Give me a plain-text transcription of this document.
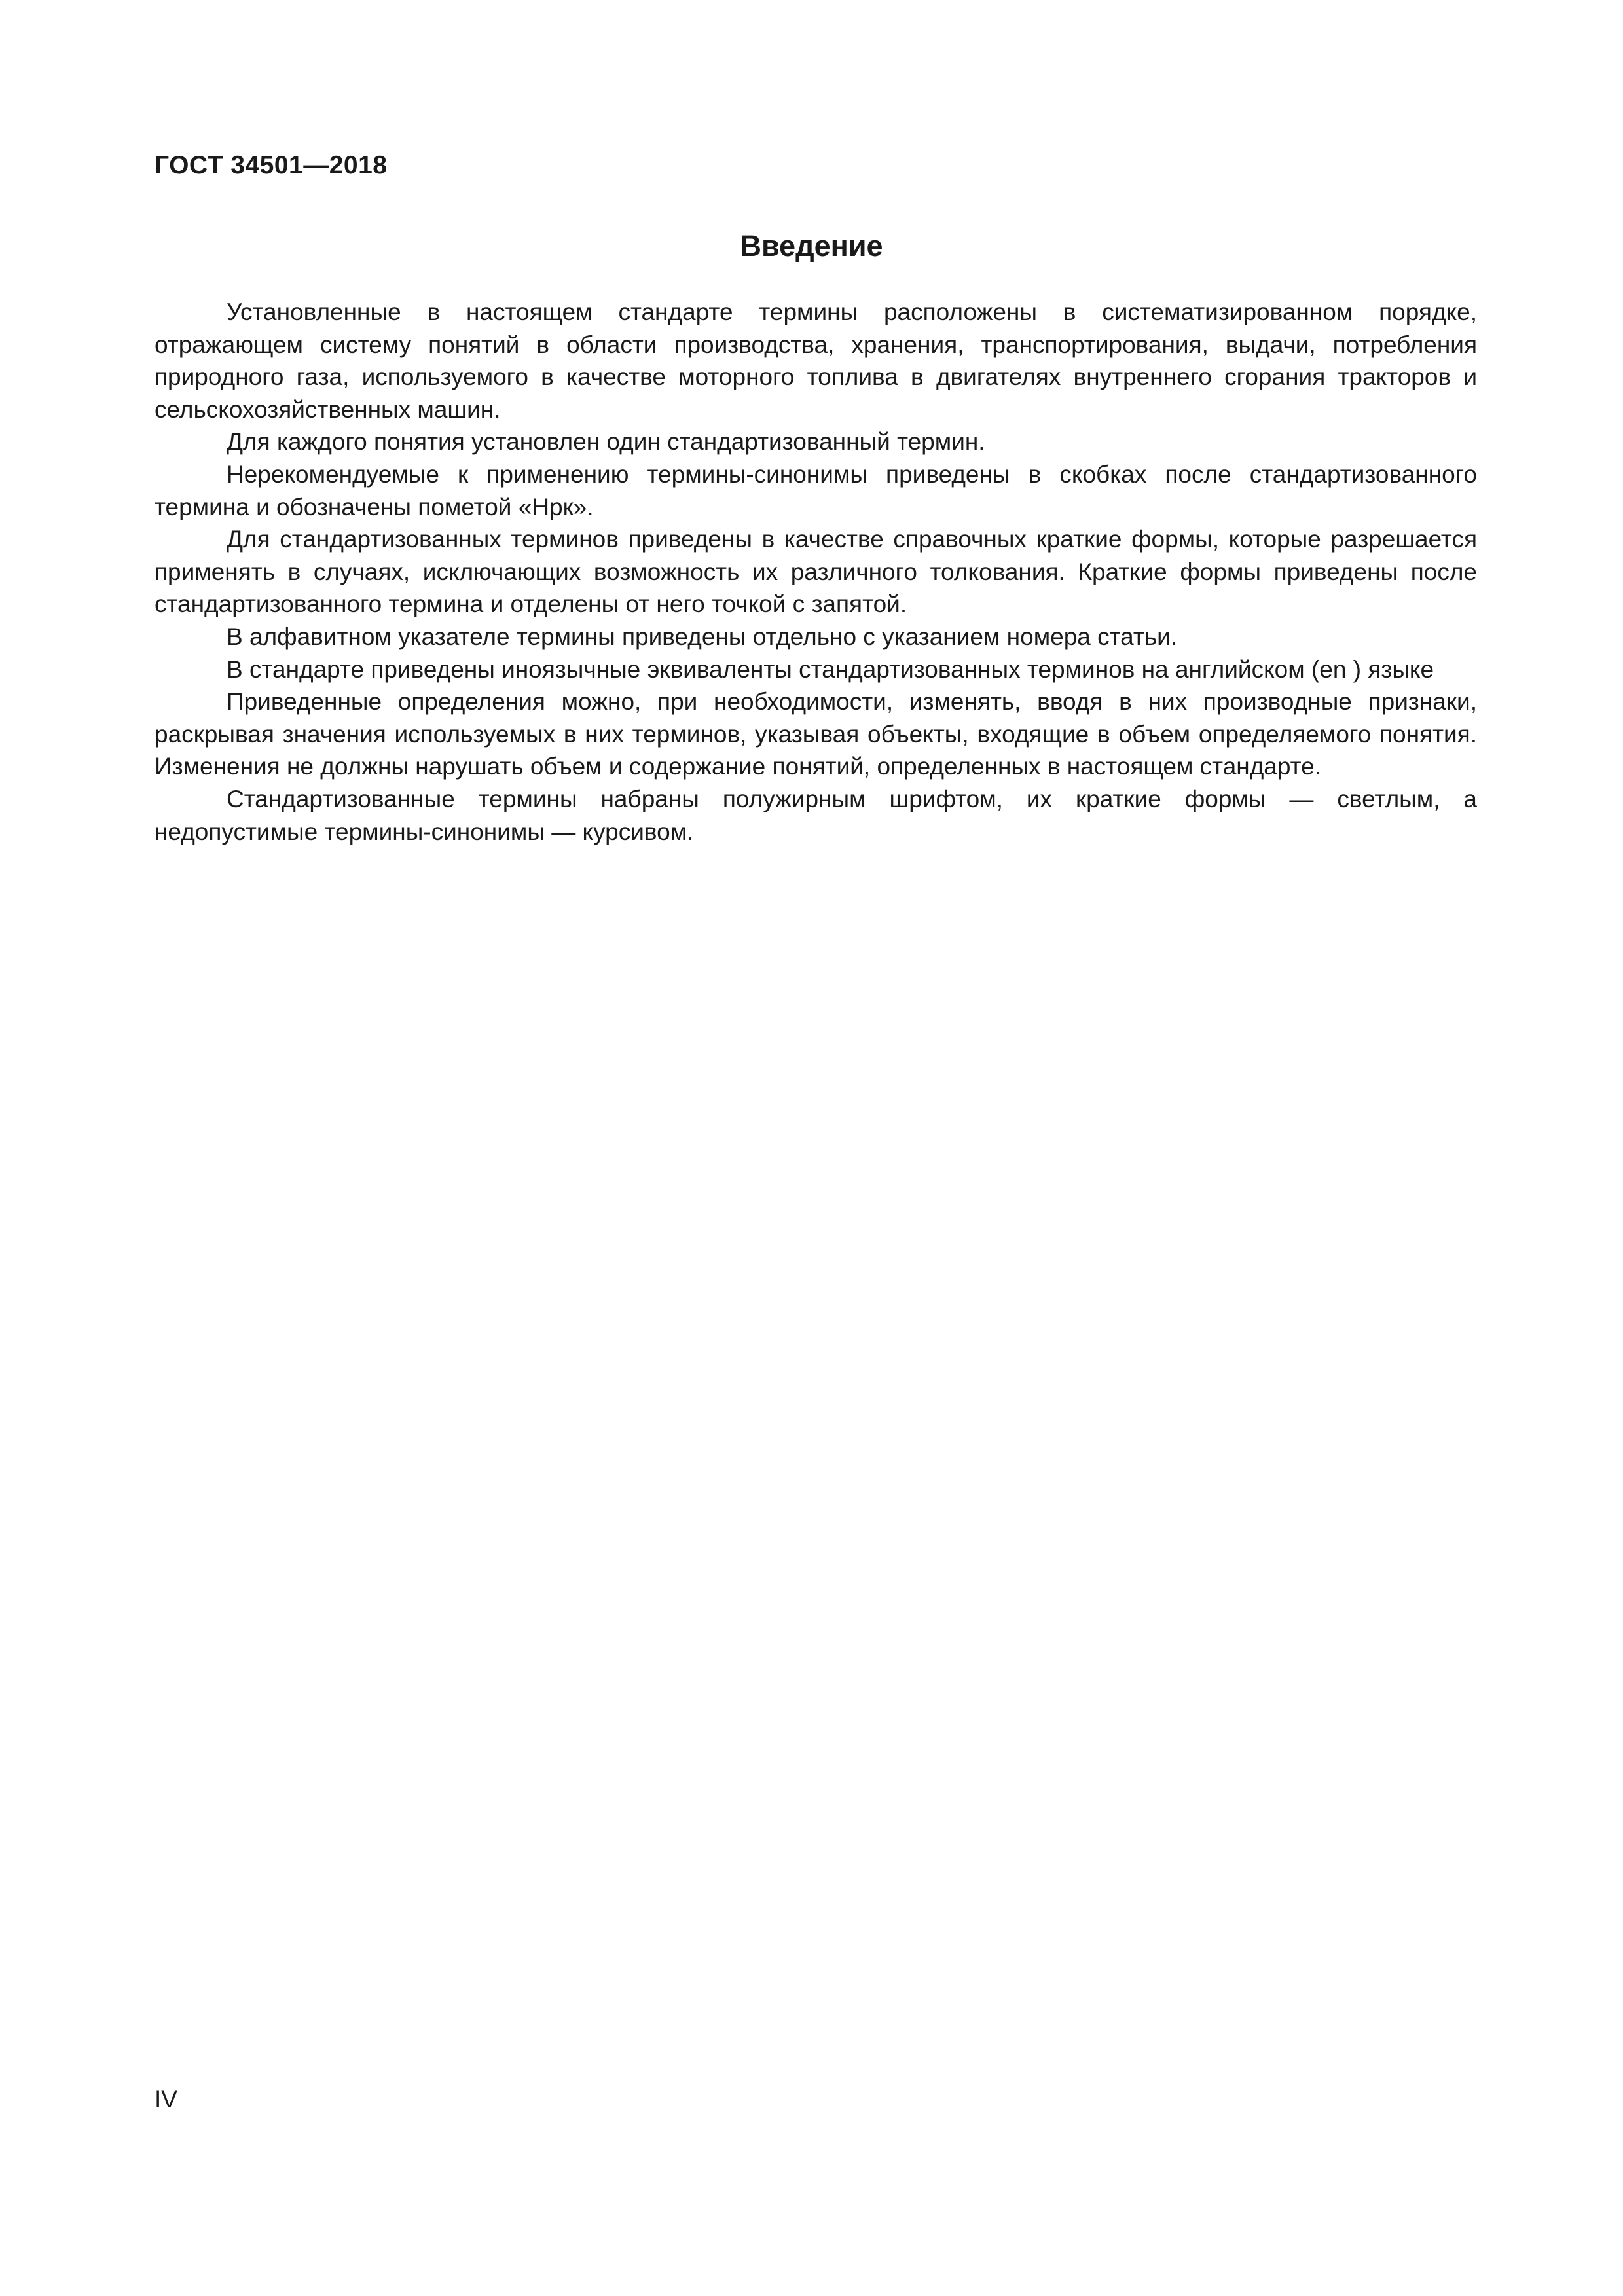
ГОСТ 34501—2018

Введение

Установленные в настоящем стандарте термины расположены в систематизированном порядке, отражающем систему понятий в области производства, хранения, транспортирования, выдачи, потребления природного газа, используемого в качестве моторного топлива в двигателях внутреннего сгорания тракторов и сельскохозяйственных машин.

Для каждого понятия установлен один стандартизованный термин.

Нерекомендуемые к применению термины-синонимы приведены в скобках после стандартизованного термина и обозначены пометой «Нрк».

Для стандартизованных терминов приведены в качестве справочных краткие формы, которые разрешается применять в случаях, исключающих возможность их различного толкования. Краткие формы приведены после стандартизованного термина и отделены от него точкой с запятой.

В алфавитном указателе термины приведены отдельно с указанием номера статьи.

В стандарте приведены иноязычные эквиваленты стандартизованных терминов на английском (en ) языке

Приведенные определения можно, при необходимости, изменять, вводя в них производные признаки, раскрывая значения используемых в них терминов, указывая объекты, входящие в объем определяемого понятия. Изменения не должны нарушать объем и содержание понятий, определенных в настоящем стандарте.

Стандартизованные термины набраны полужирным шрифтом, их краткие формы — светлым, а недопустимые термины-синонимы — курсивом.

IV
